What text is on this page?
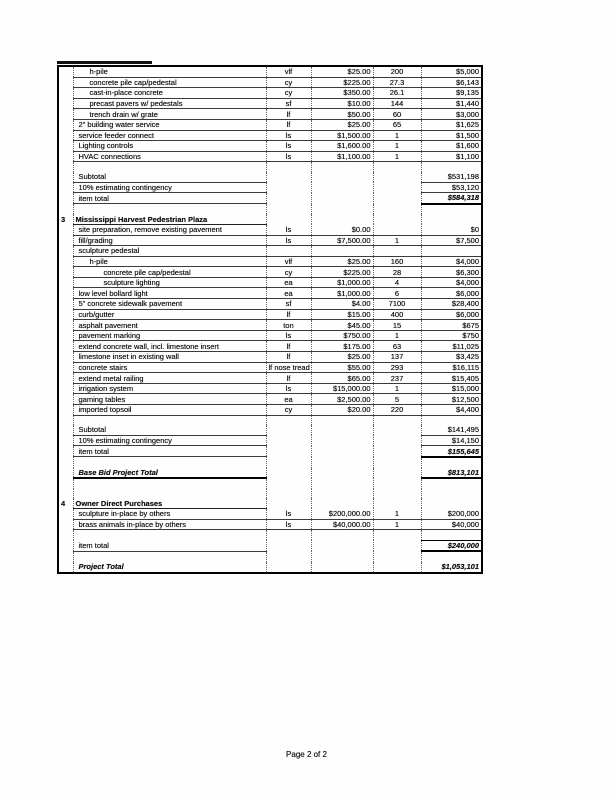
	h-pile	vlf	$25.00	200	$5,000
	concrete pile cap/pedestal	cy	$225.00	27.3	$6,143
	cast-in-place concrete	cy	$350.00	26.1	$9,135
	precast pavers w/ pedestals	sf	$10.00	144	$1,440
	trench drain w/ grate	lf	$50.00	60	$3,000
	2" building water service	lf	$25.00	65	$1,625
	service feeder connect	ls	$1,500.00	1	$1,500
	Lighting controls	ls	$1,600.00	1	$1,600
	HVAC connections	ls	$1,100.00	1	$1,100

	Subtotal				$531,198
	10% estimating contingency				$53,120
	item total				$584,318

3	Mississippi Harvest Pedestrian Plaza				
	site preparation, remove existing pavement	ls	$0.00		$0
	fill/grading	ls	$7,500.00	1	$7,500
	sculpture pedestal				
	h-pile	vlf	$25.00	160	$4,000
	concrete pile cap/pedestal	cy	$225.00	28	$6,300
	sculpture lighting	ea	$1,000.00	4	$4,000
	low level bollard light	ea	$1,000.00	6	$6,000
	5" concrete sidewalk pavement	sf	$4.00	7100	$28,400
	curb/gutter	lf	$15.00	400	$6,000
	asphalt pavement	ton	$45.00	15	$675
	pavement marking	ls	$750.00	1	$750
	extend concrete wall, incl. limestone insert	lf	$175.00	63	$11,025
	limestone inset in existing wall	lf	$25.00	137	$3,425
	concrete stairs	lf nose tread	$55.00	293	$16,115
	extend metal railing	lf	$65.00	237	$15,405
	irrigation system	ls	$15,000.00	1	$15,000
	gaming tables	ea	$2,500.00	5	$12,500
	imported topsoil	cy	$20.00	220	$4,400

	Subtotal				$141,495
	10% estimating contingency				$14,150
	item total				$155,645

	Base Bid Project Total				$813,101

4	Owner Direct Purchases				
	sculpture in-place by others	ls	$200,000.00	1	$200,000
	brass animals in-place by others	ls	$40,000.00	1	$40,000

	item total				$240,000

	Project Total				$1,053,101
Page 2 of 2
